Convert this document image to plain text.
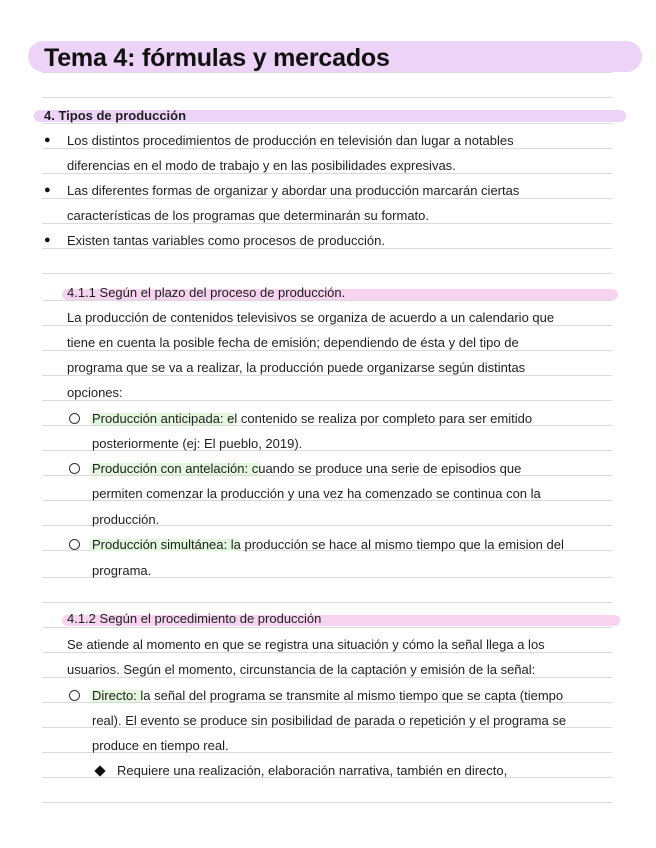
Tema 4: fórmulas y mercados
4. Tipos de producción
● Los distintos procedimientos de producción en televisión dan lugar a notables
diferencias en el modo de trabajo y en las posibilidades expresivas.
● Las diferentes formas de organizar y abordar una producción marcarán ciertas
características de los programas que determinarán su formato.
● Existen tantas variables como procesos de producción.
4.1.1 Según el plazo del proceso de producción.
La producción de contenidos televisivos se organiza de acuerdo a un calendario que
tiene en cuenta la posible fecha de emisión; dependiendo de ésta y del tipo de
programa que se va a realizar, la producción puede organizarse según distintas
opciones:
Producción anticipada: el contenido se realiza por completo para ser emitido
posteriormente (ej: El pueblo, 2019).
Producción con antelación: cuando se produce una serie de episodios que
permiten comenzar la producción y una vez ha comenzado se continua con la
producción.
Producción simultánea: la producción se hace al mismo tiempo que la emision del
programa.
4.1.2 Según el procedimiento de producción
Se atiende al momento en que se registra una situación y cómo la señal llega a los
usuarios. Según el momento, circunstancia de la captación y emisión de la señal:
Directo: la señal del programa se transmite al mismo tiempo que se capta (tiempo
real). El evento se produce sin posibilidad de parada o repetición y el programa se
produce en tiempo real.
Requiere una realización, elaboración narrativa, también en directo,
